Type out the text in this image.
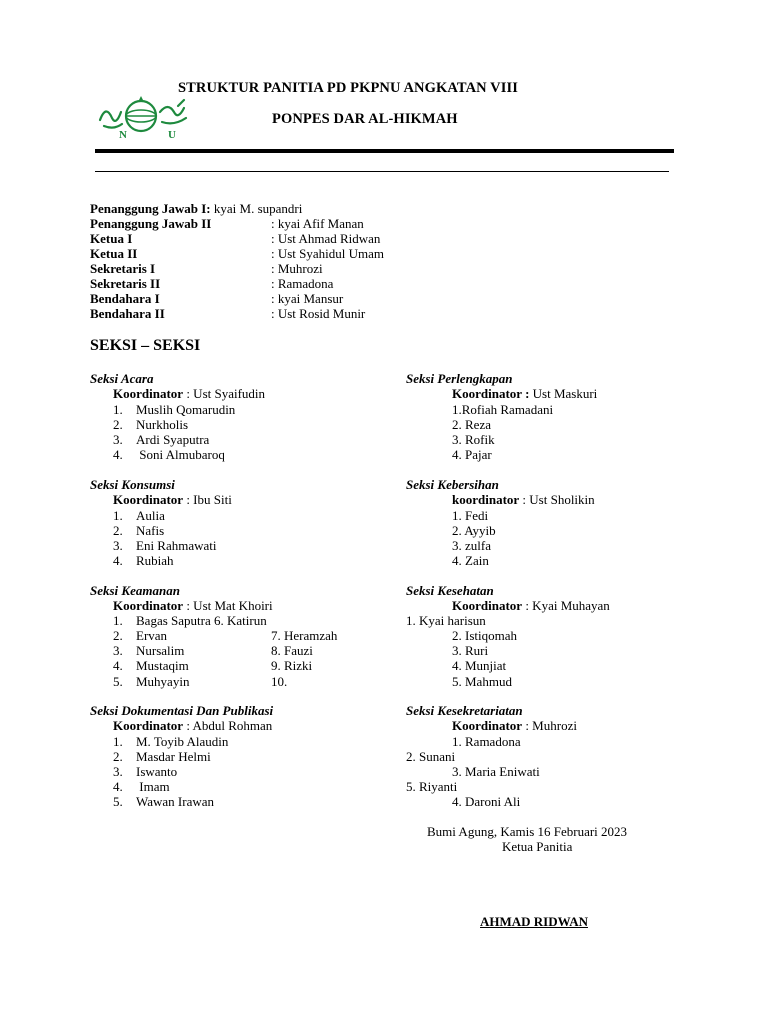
N	U
STRUKTUR PANITIA PD PKPNU ANGKATAN VIII
PONPES DAR AL-HIKMAH
Penanggung Jawab I: kyai M. supandri
Penanggung Jawab II	: kyai Afif Manan
Ketua I	: Ust Ahmad Ridwan
Ketua II	: Ust Syahidul Umam
Sekretaris I	: Muhrozi
Sekretaris II	: Ramadona
Bendahara I	: kyai Mansur
Bendahara II	: Ust Rosid Munir
SEKSI – SEKSI
Seksi Acara
Koordinator : Ust Syaifudin
1. Muslih Qomarudin
2. Nurkholis
3. Ardi Syaputra
4. Soni Almubaroq
Seksi Perlengkapan
Koordinator : Ust Maskuri
1.Rofiah Ramadani
2. Reza
3. Rofik
4. Pajar
Seksi Konsumsi
Koordinator : Ibu Siti
1. Aulia
2. Nafis
3. Eni Rahmawati
4. Rubiah
Seksi Kebersihan
koordinator : Ust Sholikin
1. Fedi
2. Ayyib
3. zulfa
4. Zain
Seksi Keamanan
Koordinator : Ust Mat Khoiri
1. Bagas Saputra 6. Katirun
2. Ervan	7. Heramzah
3. Nursalim	8. Fauzi
4. Mustaqim	9. Rizki
5. Muhyayin	10.
Seksi Kesehatan
Koordinator : Kyai Muhayan
1. Kyai harisun
2. Istiqomah
3. Ruri
4. Munjiat
5. Mahmud
Seksi Dokumentasi Dan Publikasi
Koordinator : Abdul Rohman
1. M. Toyib Alaudin
2. Masdar Helmi
3. Iswanto
4. Imam
5. Wawan Irawan
Seksi Kesekretariatan
Koordinator : Muhrozi
1. Ramadona
2. Sunani
3. Maria Eniwati
5. Riyanti
4. Daroni Ali
Bumi Agung, Kamis 16 Februari 2023
Ketua Panitia
AHMAD RIDWAN
